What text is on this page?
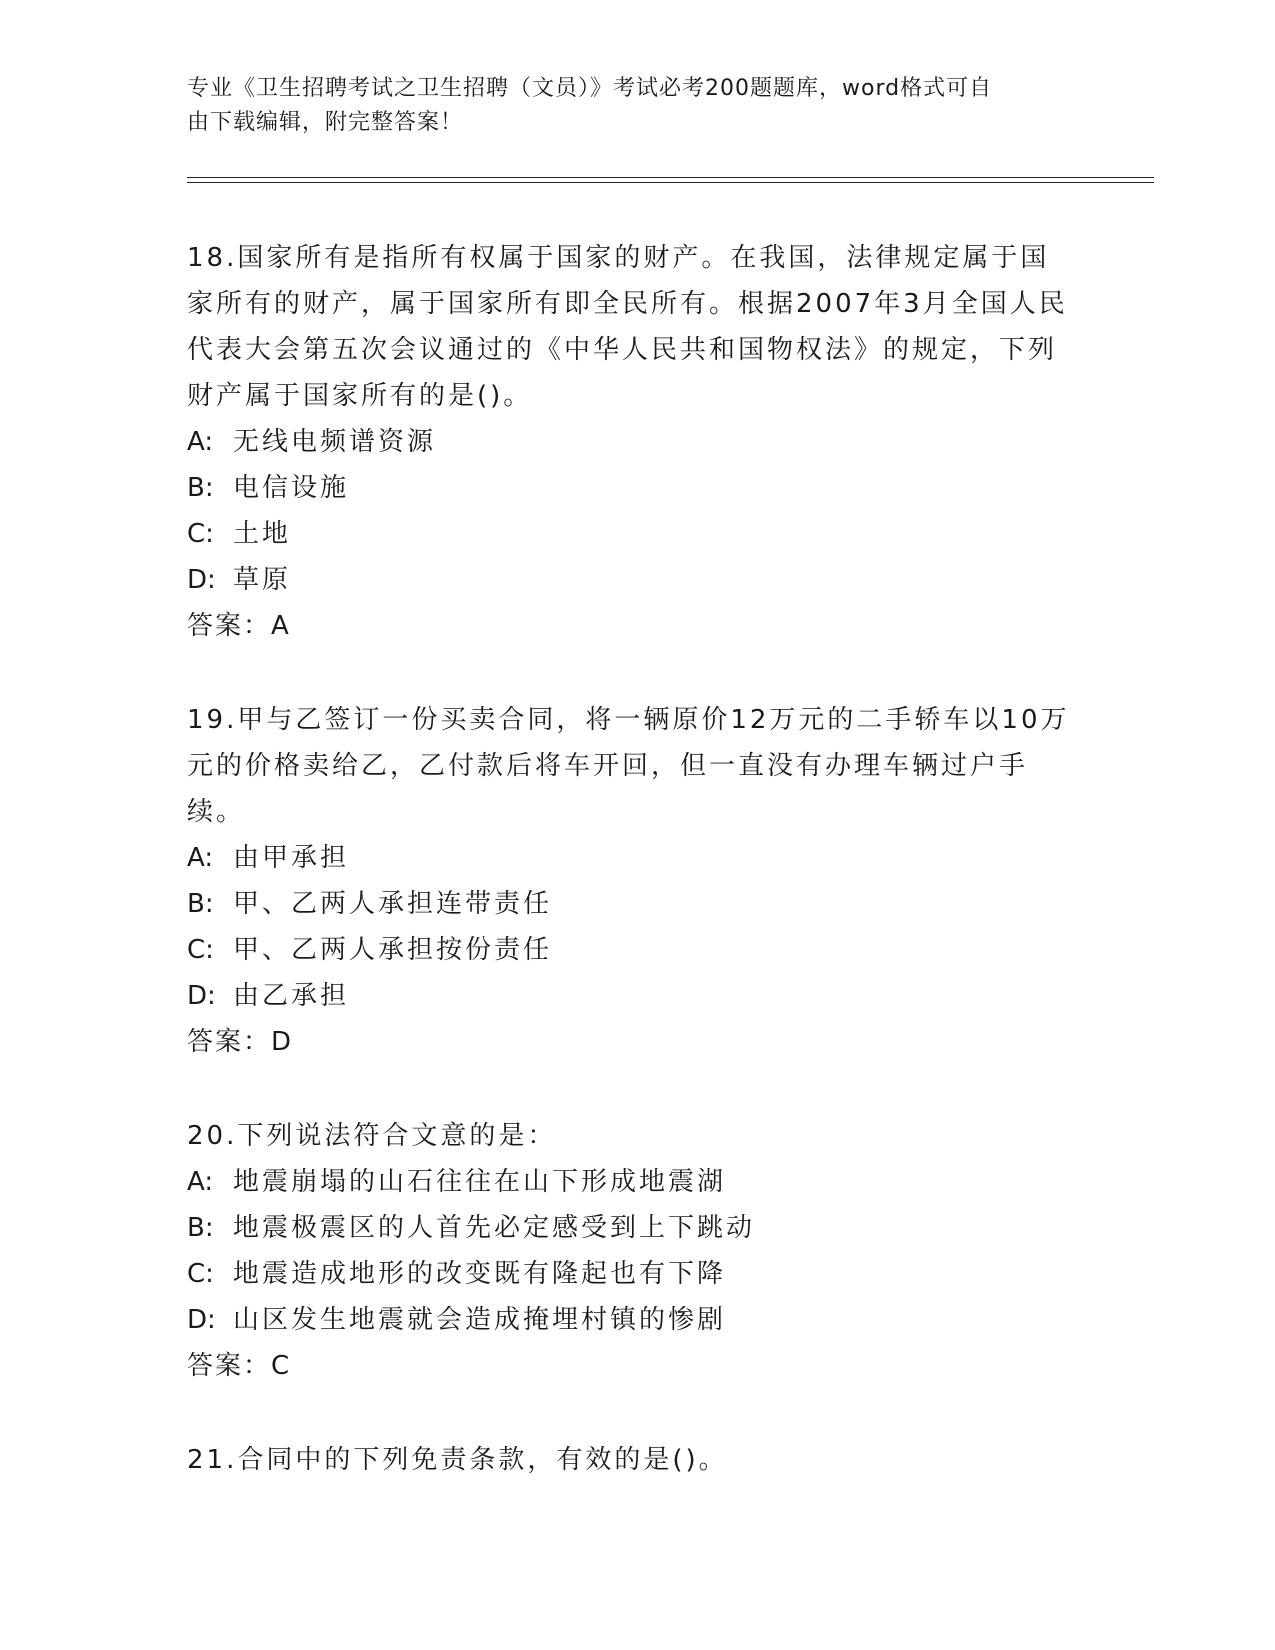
专业《卫生招聘考试之卫生招聘（文员）》考试必考200题题库，word格式可自
由下载编辑，附完整答案！

18.国家所有是指所有权属于国家的财产。在我国，法律规定属于国家所有的财产，属于国家所有即全民所有。根据2007年3月全国人民代表大会第五次会议通过的《中华人民共和国物权法》的规定，下列财产属于国家所有的是()。

A: 无线电频谱资源

B: 电信设施

C: 土地

D: 草原

答案：A

19.甲与乙签订一份买卖合同，将一辆原价12万元的二手轿车以10万元的价格卖给乙，乙付款后将车开回，但一直没有办理车辆过户手续。

A: 由甲承担

B: 甲、乙两人承担连带责任

C: 甲、乙两人承担按份责任

D: 由乙承担

答案：D

20.下列说法符合文意的是：

A: 地震崩塌的山石往往在山下形成地震湖

B: 地震极震区的人首先必定感受到上下跳动

C: 地震造成地形的改变既有隆起也有下降

D: 山区发生地震就会造成掩埋村镇的惨剧

答案：C

21.合同中的下列免责条款，有效的是()。
